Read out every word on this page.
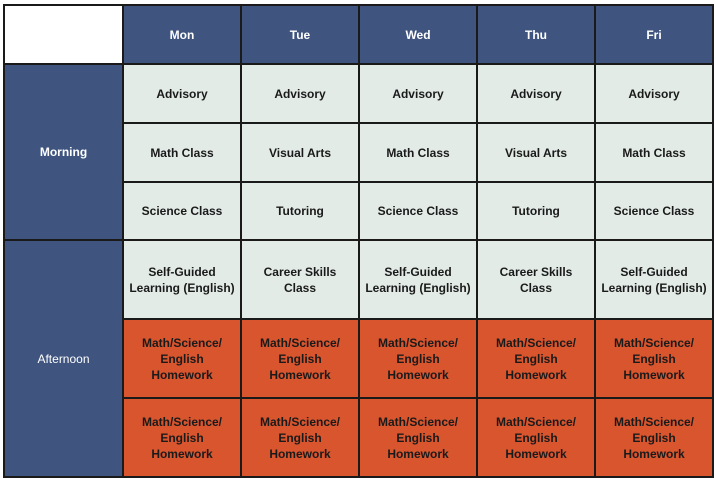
	Mon	Tue	Wed	Thu	Fri
Morning	Advisory	Advisory	Advisory	Advisory	Advisory
	Math Class	Visual Arts	Math Class	Visual Arts	Math Class
	Science Class	Tutoring	Science Class	Tutoring	Science Class
Afternoon	Self-Guided Learning (English)	Career Skills Class	Self-Guided Learning (English)	Career Skills Class	Self-Guided Learning (English)
	Math/Science/ English Homework	Math/Science/ English Homework	Math/Science/ English Homework	Math/Science/ English Homework	Math/Science/ English Homework
	Math/Science/ English Homework	Math/Science/ English Homework	Math/Science/ English Homework	Math/Science/ English Homework	Math/Science/ English Homework
